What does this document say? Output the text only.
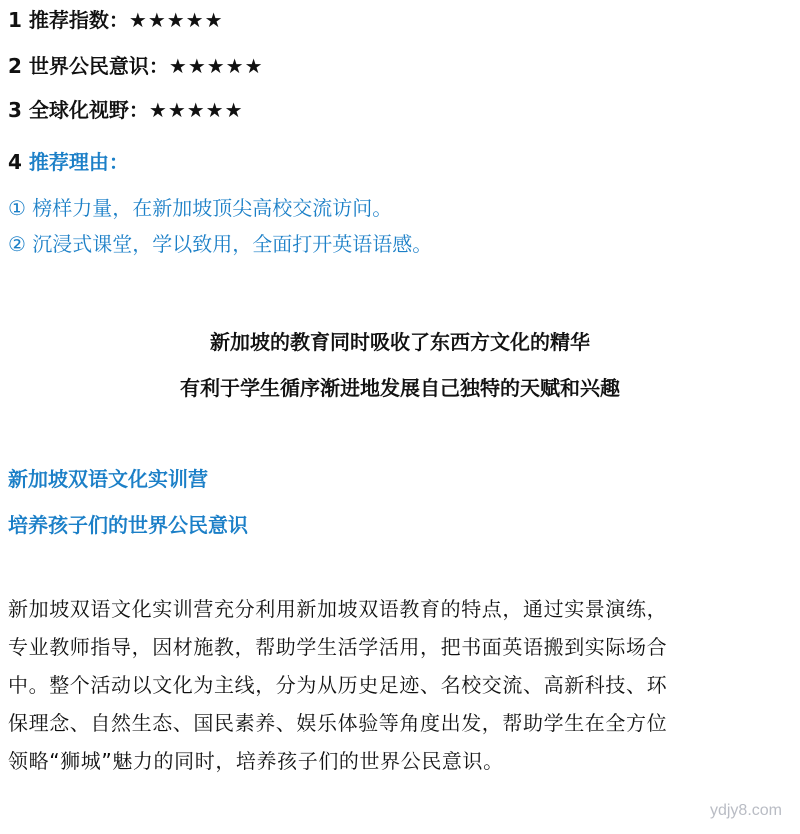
1 推荐指数：★★★★★
2 世界公民意识：★★★★★
3 全球化视野：★★★★★
4 推荐理由：
① 榜样力量，在新加坡顶尖高校交流访问。
② 沉浸式课堂，学以致用，全面打开英语语感。
新加坡的教育同时吸收了东西方文化的精华
有利于学生循序渐进地发展自己独特的天赋和兴趣
新加坡双语文化实训营
培养孩子们的世界公民意识
新加坡双语文化实训营充分利用新加坡双语教育的特点，通过实景演练，
专业教师指导，因材施教，帮助学生活学活用，把书面英语搬到实际场合
中。整个活动以文化为主线，分为从历史足迹、名校交流、高新科技、环
保理念、自然生态、国民素养、娱乐体验等角度出发，帮助学生在全方位
领略“狮城”魅力的同时，培养孩子们的世界公民意识。
ydjy8.com
